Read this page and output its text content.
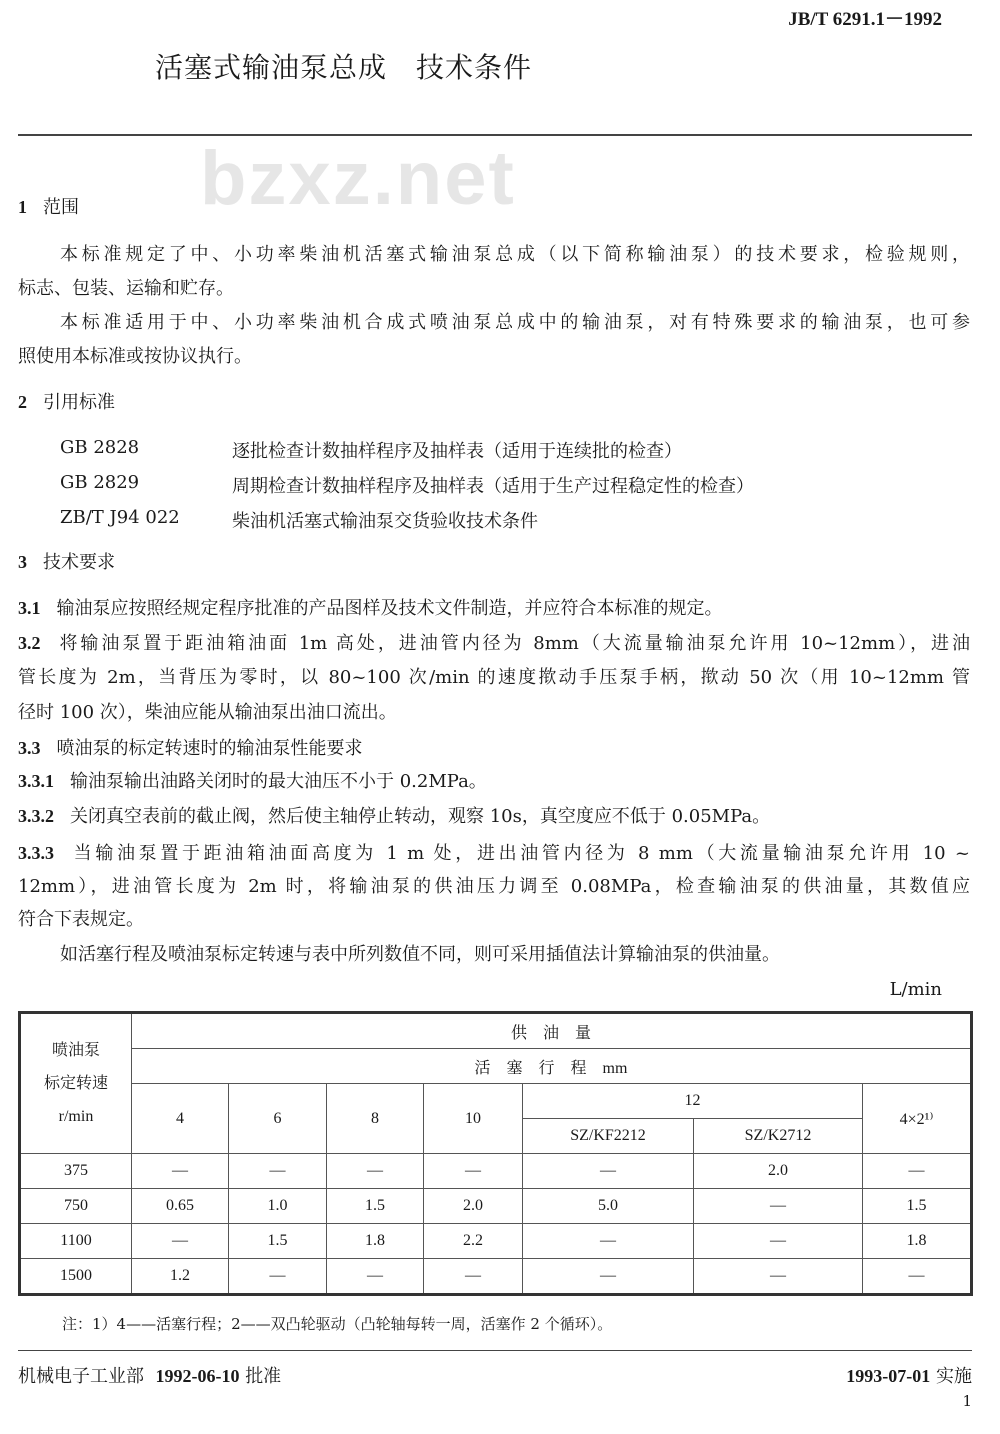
JB/T 6291.1－1992
活塞式输油泵总成　技术条件
bzxz.net
1 范围
本标准规定了中、小功率柴油机活塞式输油泵总成（以下简称输油泵）的技术要求，检验规则，
标志、包装、运输和贮存。
本标准适用于中、小功率柴油机合成式喷油泵总成中的输油泵，对有特殊要求的输油泵，也可参
照使用本标准或按协议执行。
2 引用标准
GB 2828	逐批检查计数抽样程序及抽样表（适用于连续批的检查）
GB 2829	周期检查计数抽样程序及抽样表（适用于生产过程稳定性的检查）
ZB/T J94 022	柴油机活塞式输油泵交货验收技术条件
3 技术要求
3.1 输油泵应按照经规定程序批准的产品图样及技术文件制造，并应符合本标准的规定。
3.2 将输油泵置于距油箱油面 1m 高处，进油管内径为 8mm（大流量输油泵允许用 10~12mm），进油
管长度为 2m，当背压为零时，以 80~100 次/min 的速度揿动手压泵手柄，揿动 50 次（用 10~12mm 管
径时 100 次），柴油应能从输油泵出油口流出。
3.3 喷油泵的标定转速时的输油泵性能要求
3.3.1 输油泵输出油路关闭时的最大油压不小于 0.2MPa。
3.3.2 关闭真空表前的截止阀，然后使主轴停止转动，观察 10s，真空度应不低于 0.05MPa。
3.3.3 当输油泵置于距油箱油面高度为 1 m 处，进出油管内径为 8 mm（大流量输油泵允许用 10 ~
12mm），进油管长度为 2m 时，将输油泵的供油压力调至 0.08MPa，检查输油泵的供油量，其数值应
符合下表规定。
如活塞行程及喷油泵标定转速与表中所列数值不同，则可采用插值法计算输油泵的供油量。
L/min
喷油泵
标定转速
r/min	供　油　量						
	活　塞　行　程　mm						
	4	6	8	10	12		4×2¹⁾
					SZ/KF2212	SZ/K2712	
375	—	—	—	—	—	2.0	—
750	0.65	1.0	1.5	2.0	5.0	—	1.5
1100	—	1.5	1.8	2.2	—	—	1.8
1500	1.2	—	—	—	—	—	—
注：1）4——活塞行程；2——双凸轮驱动（凸轮轴每转一周，活塞作 2 个循环）。
机械电子工业部 1992-06-10 批准	1993-07-01 实施
1
